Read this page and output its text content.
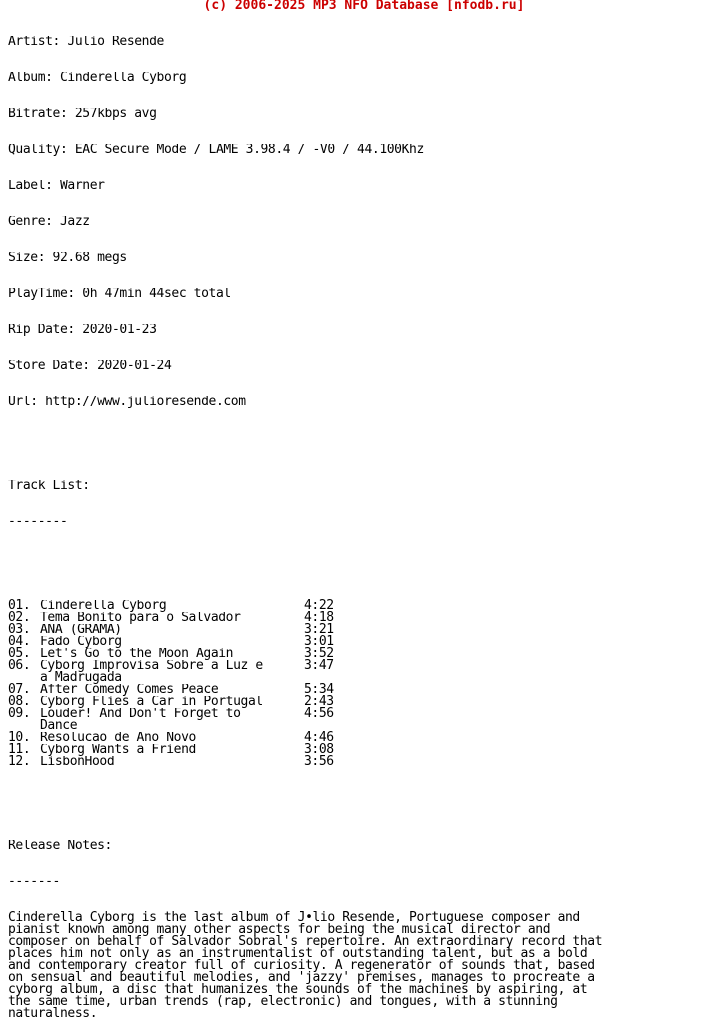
(c) 2006-2025 MP3 NFO Database [nfodb.ru]

Artist: Julio Resende

Album: Cinderella Cyborg

Bitrate: 257kbps avg

Quality: EAC Secure Mode / LAME 3.98.4 / -V0 / 44.100Khz

Label: Warner

Genre: Jazz

Size: 92.68 megs

PlayTime: 0h 47min 44sec total

Rip Date: 2020-01-23

Store Date: 2020-01-24

Url: http://www.julioresende.com

Track List:

--------

01. Cinderella Cyborg	4:22
02. Tema Bonito para o Salvador	4:18
03. ANA (GRAMA)	3:21
04. Fado Cyborg	3:01
05. Let's Go to the Moon Again	3:52
06. Cyborg Improvisa Sobre a Luz e	3:47
a Madrugada
07. After Comedy Comes Peace	5:34
08. Cyborg Flies a Car in Portugal	2:43
09. Louder! And Don't Forget to	4:56
Dance
10. Resolucao de Ano Novo	4:46
11. Cyborg Wants a Friend	3:08
12. LisbonHood	3:56

Release Notes:

-------

Cinderella Cyborg is the last album of J•lio Resende, Portuguese composer and

pianist known among many other aspects for being the musical director and

composer on behalf of Salvador Sobral's repertoire. An extraordinary record that

places him not only as an instrumentalist of outstanding talent, but as a bold

and contemporary creator full of curiosity. A regenerator of sounds that, based

on sensual and beautiful melodies, and 'jazzy' premises, manages to procreate a

cyborg album, a disc that humanizes the sounds of the machines by aspiring, at

the same time, urban trends (rap, electronic) and tongues, with a stunning

naturalness.
